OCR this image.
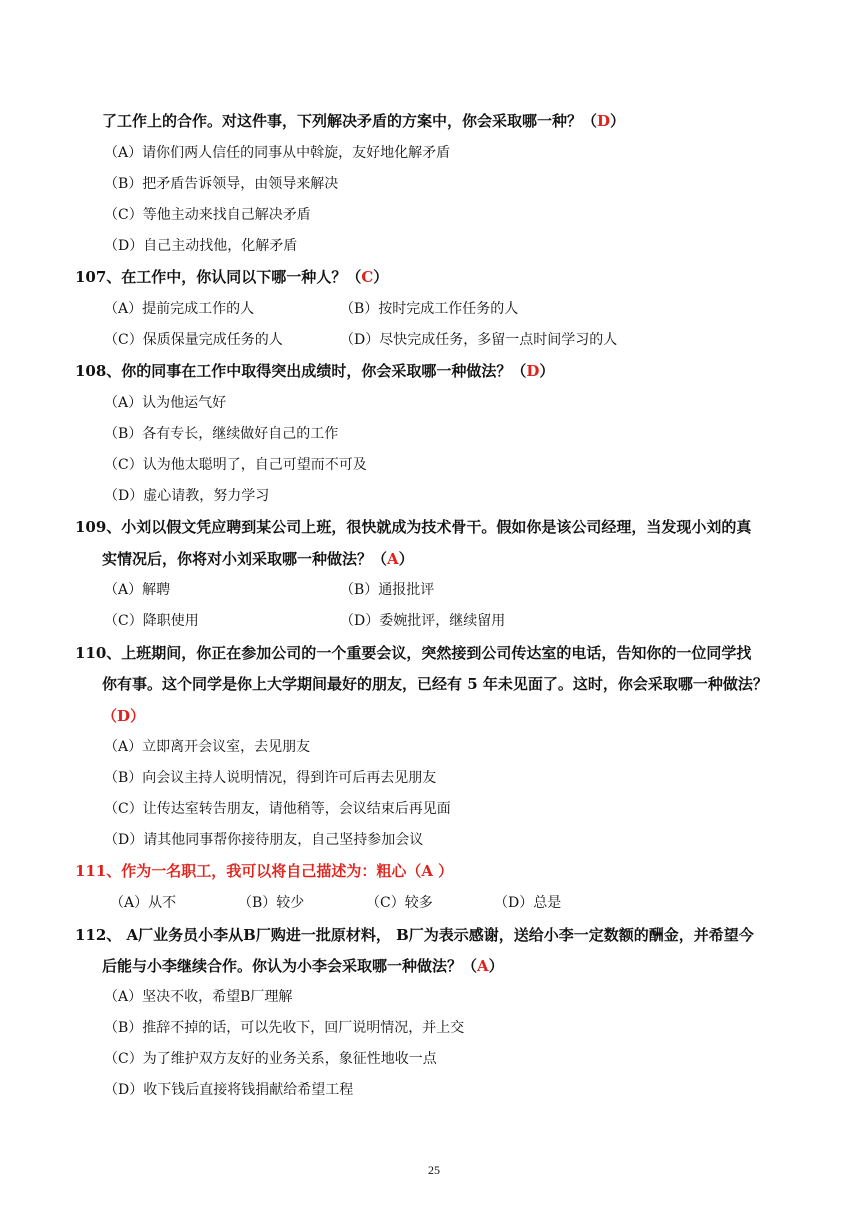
了工作上的合作。对这件事，下列解决矛盾的方案中，你会采取哪一种？（D）
（A）请你们两人信任的同事从中斡旋，友好地化解矛盾
（B）把矛盾告诉领导，由领导来解决
（C）等他主动来找自己解决矛盾
（D）自己主动找他，化解矛盾
107、在工作中，你认同以下哪一种人？（C）
（A）提前完成工作的人	（B）按时完成工作任务的人
（C）保质保量完成任务的人	（D）尽快完成任务，多留一点时间学习的人
108、你的同事在工作中取得突出成绩时，你会采取哪一种做法？（D）
（A）认为他运气好
（B）各有专长，继续做好自己的工作
（C）认为他太聪明了，自己可望而不可及
（D）虚心请教，努力学习
109、小刘以假文凭应聘到某公司上班，很快就成为技术骨干。假如你是该公司经理，当发现小刘的真
实情况后，你将对小刘采取哪一种做法？（A）
（A）解聘	（B）通报批评
（C）降职使用	（D）委婉批评，继续留用
110、上班期间，你正在参加公司的一个重要会议，突然接到公司传达室的电话，告知你的一位同学找
你有事。这个同学是你上大学期间最好的朋友，已经有 5 年未见面了。这时，你会采取哪一种做法？
（D）
（A）立即离开会议室，去见朋友
（B）向会议主持人说明情况，得到许可后再去见朋友
（C）让传达室转告朋友，请他稍等，会议结束后再见面
（D）请其他同事帮你接待朋友，自己坚持参加会议
111、作为一名职工，我可以将自己描述为：粗心（A ）
（A）从不	（B）较少	（C）较多	（D）总是
112、 A厂业务员小李从B厂购进一批原材料， B厂为表示感谢，送给小李一定数额的酬金，并希望今
后能与小李继续合作。你认为小李会采取哪一种做法？（A）
（A）坚决不收，希望B厂理解
（B）推辞不掉的话，可以先收下，回厂说明情况，并上交
（C）为了维护双方友好的业务关系，象征性地收一点
（D）收下钱后直接将钱捐献给希望工程
25
